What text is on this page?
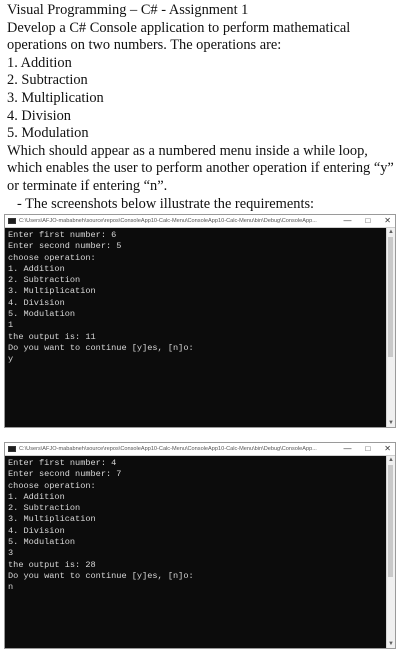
Visual Programming – C# - Assignment 1

Develop a C# Console application to perform mathematical operations on two numbers. The operations are:

1. Addition

2. Subtraction

3. Multiplication

4. Division

5. Modulation

Which should appear as a numbered menu inside a while loop, which enables the user to perform another operation if entering “y” or terminate if entering “n”.

- The screenshots below illustrate the requirements:

C:\Users\AFJO-mababneh\source\repos\ConsoleApp10-Calc-Menu\ConsoleApp10-Calc-Menu\bin\Debug\ConsoleApp...	— □ ✕
Enter first number: 6
Enter second number: 5
choose operation:
1. Addition
2. Subtraction
3. Multiplication
4. Division
5. Modulation
1
the output is: 11
Do you want to continue [y]es, [n]o:
y
▲
▼
C:\Users\AFJO-mababneh\source\repos\ConsoleApp10-Calc-Menu\ConsoleApp10-Calc-Menu\bin\Debug\ConsoleApp...	— □ ✕
Enter first number: 4
Enter second number: 7
choose operation:
1. Addition
2. Subtraction
3. Multiplication
4. Division
5. Modulation
3
the output is: 28
Do you want to continue [y]es, [n]o:
n
▲
▼
